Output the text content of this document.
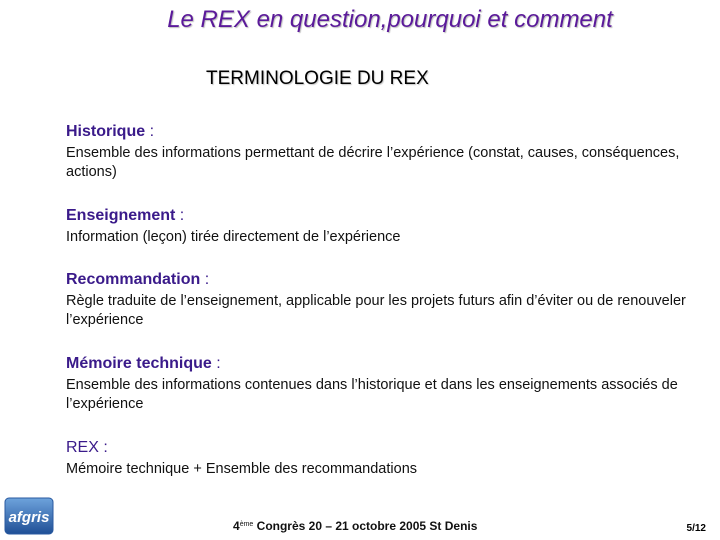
Le REX en question,pourquoi et comment
TERMINOLOGIE DU REX
Historique :
Ensemble des informations permettant de décrire l’expérience (constat, causes, conséquences, actions)
Enseignement :
Information (leçon) tirée directement de l’expérience
Recommandation :
Règle traduite de l’enseignement, applicable pour les projets futurs afin d’éviter ou de renouveler l’expérience
Mémoire technique :
Ensemble des informations contenues dans l’historique et dans les enseignements associés de l’expérience
REX :
Mémoire technique + Ensemble des recommandations
afgris	4ème Congrès 20 – 21 octobre 2005 St Denis	5/12
